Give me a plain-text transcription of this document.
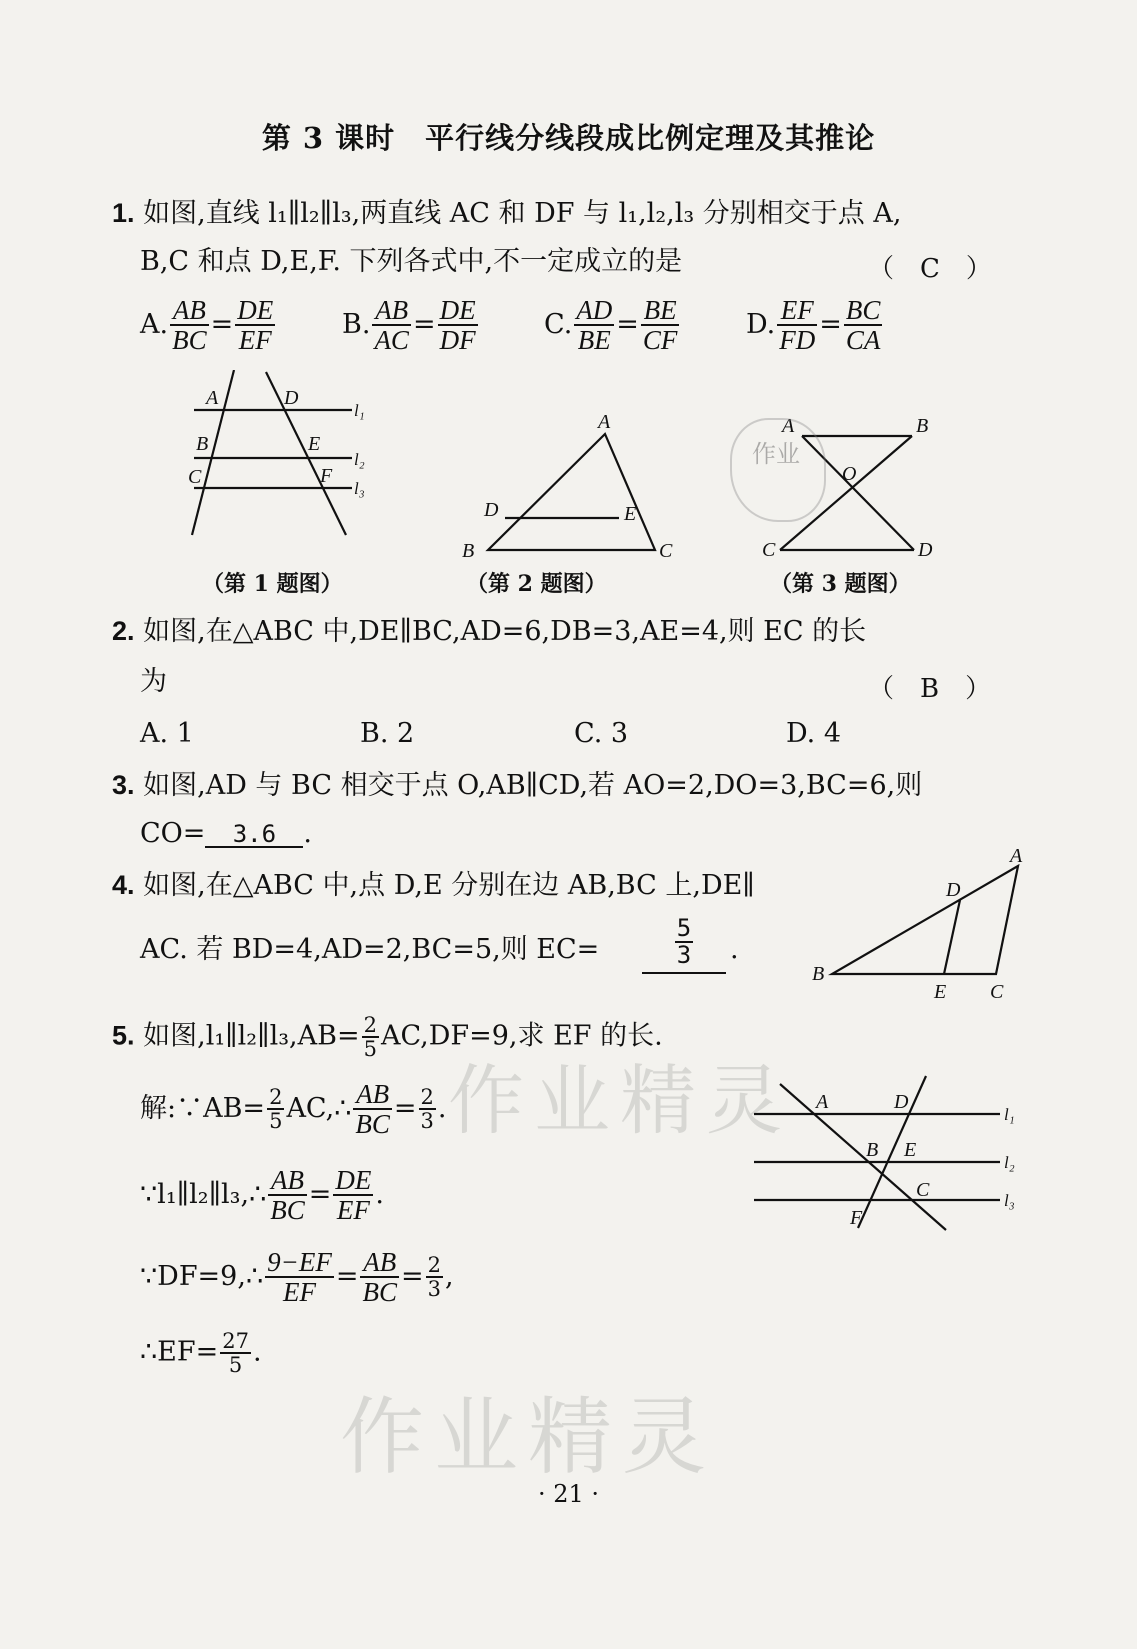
第 3 课时　平行线分线段成比例定理及其推论
1. 如图,直线 l₁∥l₂∥l₃,两直线 AC 和 DF 与 l₁,l₂,l₃ 分别相交于点 A,
B,C 和点 D,E,F. 下列各式中,不一定成立的是	（　C　）
A. $\frac{AB}{BC} = \frac{DE}{EF} B$. $\frac{AB}{AC} = \frac{DE}{DF} C$. $\frac{AD}{BE} = \frac{BE}{CF} D$. $\frac{EF}{FD} = \frac{BC}{CA}$
A
B
C
D
E
F
l₁
l₂
l₃
（第 1 题图）
A
B	C
D	E
（第 2 题图）
A	B
C	D
O
（第 3 题图）
作业
2. 如图,在△ABC 中,DE∥BC,AD=6,DB=3,AE=4,则 EC 的长
为	（　B　）
A. 1	B. 2	C. 3	D. 4
3. 如图,AD 与 BC 相交于点 O,AB∥CD,若 AO=2,DO=3,BC=6,则
CO= 3.6 .
4. 如图,在△ABC 中,点 D,E 分别在边 AB,BC 上,DE∥
AC. 若 BD=4,AD=2,BC=5,则 EC=	$\frac{5}{3}$ .
A
B
C
D
E
5. 如图,l₁∥l₂∥l₃,AB= $\frac{2}{5} AC,DF=9$,求 EF 的长.
解:∵AB= $\frac{2}{5}$ AC,∴ $\frac{AB}{BC} = \frac{2}{3}$ .
∵l₁∥l₂∥l₃,∴ $\frac{AB}{BC} = \frac{DE}{EF}$ .
∵DF=9,∴ $\frac{9-EF}{EF} = \frac{AB}{BC} = \frac{2}{3}$ ,
∴EF= $\frac{27}{5}$ .
A
B
C
D
E
F
l₁
l₂
l₃
作业精灵
作业精灵
· 21 ·
